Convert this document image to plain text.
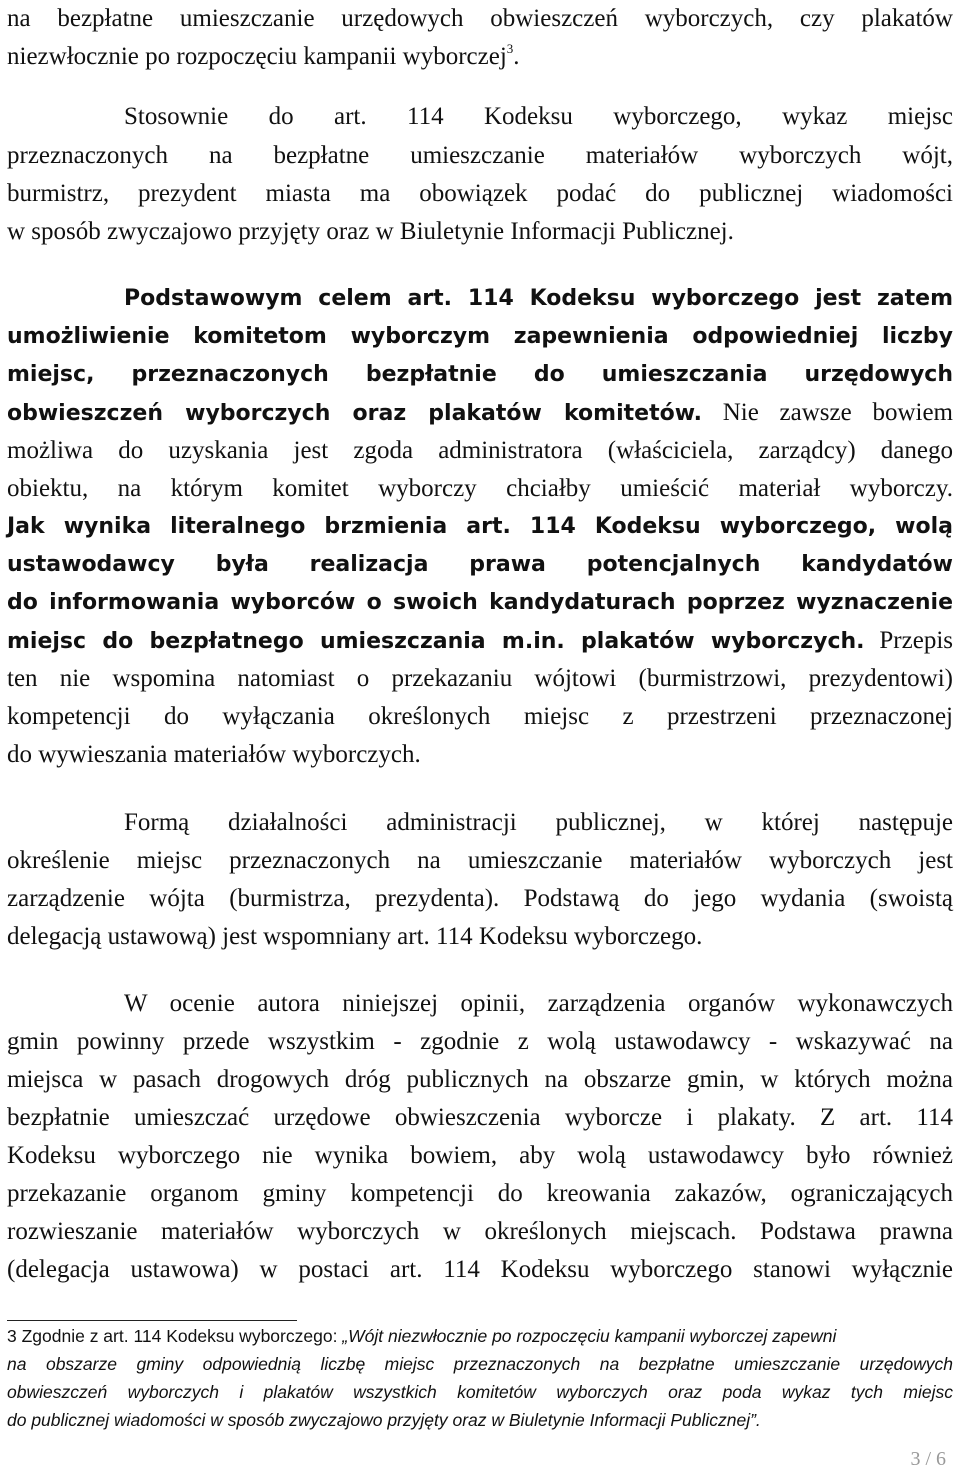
na bezpłatne umieszczanie urzędowych obwieszczeń wyborczych, czy plakatów

niezwłocznie po rozpoczęciu kampanii wyborczej$^3$.

Stosownie do art. 114 Kodeksu wyborczego, wykaz miejsc

przeznaczonych na bezpłatne umieszczanie materiałów wyborczych wójt,

burmistrz, prezydent miasta ma obowiązek podać do publicznej wiadomości

w sposób zwyczajowo przyjęty oraz w Biuletynie Informacji Publicznej.

Podstawowym celem art. 114 Kodeksu wyborczego jest zatem

umożliwienie komitetom wyborczym zapewnienia odpowiedniej liczby

miejsc, przeznaczonych bezpłatnie do umieszczania urzędowych

obwieszczeń wyborczych oraz plakatów komitetów. Nie zawsze bowiem

możliwa do uzyskania jest zgoda administratora (właściciela, zarządcy) danego

obiektu, na którym komitet wyborczy chciałby umieścić materiał wyborczy.

Jak wynika literalnego brzmienia art. 114 Kodeksu wyborczego, wolą

ustawodawcy była realizacja prawa potencjalnych kandydatów

do informowania wyborców o swoich kandydaturach poprzez wyznaczenie

miejsc do bezpłatnego umieszczania m.in. plakatów wyborczych. Przepis

ten nie wspomina natomiast o przekazaniu wójtowi (burmistrzowi, prezydentowi)

kompetencji do wyłączania określonych miejsc z przestrzeni przeznaczonej

do wywieszania materiałów wyborczych.

Formą działalności administracji publicznej, w której następuje

określenie miejsc przeznaczonych na umieszczanie materiałów wyborczych jest

zarządzenie wójta (burmistrza, prezydenta). Podstawą do jego wydania (swoistą

delegacją ustawową) jest wspomniany art. 114 Kodeksu wyborczego.

W ocenie autora niniejszej opinii, zarządzenia organów wykonawczych

gmin powinny przede wszystkim - zgodnie z wolą ustawodawcy - wskazywać na

miejsca w pasach drogowych dróg publicznych na obszarze gmin, w których można

bezpłatnie umieszczać urzędowe obwieszczenia wyborcze i plakaty. Z art. 114

Kodeksu wyborczego nie wynika bowiem, aby wolą ustawodawcy było również

przekazanie organom gminy kompetencji do kreowania zakazów, ograniczających

rozwieszanie materiałów wyborczych w określonych miejscach. Podstawa prawna

(delegacja ustawowa) w postaci art. 114 Kodeksu wyborczego stanowi wyłącznie

3 Zgodnie z art. 114 Kodeksu wyborczego: „Wójt niezwłocznie po rozpoczęciu kampanii wyborczej zapewni

na obszarze gminy odpowiednią liczbę miejsc przeznaczonych na bezpłatne umieszczanie urzędowych

obwieszczeń wyborczych i plakatów wszystkich komitetów wyborczych oraz poda wykaz tych miejsc

do publicznej wiadomości w sposób zwyczajowo przyjęty oraz w Biuletynie Informacji Publicznej”.

3 / 6
